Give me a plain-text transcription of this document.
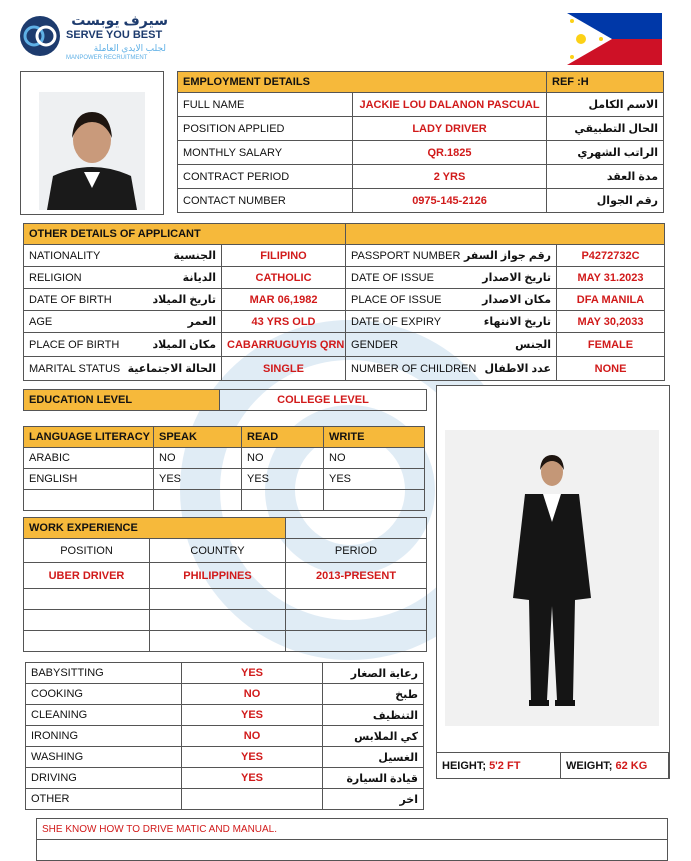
سيرف يوبست
SERVE YOU BEST
لجلب الايدي العاملة
MANPOWER RECRUITMENT
EMPLOYMENT DETAILS		REF :H
FULL NAME	JACKIE LOU DALANON PASCUAL	الاسم الكامل
POSITION APPLIED	LADY DRIVER	الحال التطبيقي
MONTHLY SALARY	QR.1825	الراتب الشهري
CONTRACT PERIOD	2 YRS	مدة العقد
CONTACT NUMBER	0975-145-2126	رقم الجوال
OTHER DETAILS OF APPLICANT			

NATIONALITY الجنسية	FILIPINO	PASSPORT NUMBER رقم جواز السفر	P4272732C

RELIGION الديانة	CATHOLIC	DATE OF ISSUE تاريخ الاصدار	MAY 31.2023

DATE OF BIRTH تاريخ الميلاد	MAR 06,1982	PLACE OF ISSUE مكان الاصدار	DFA MANILA

AGE العمر	43 YRS OLD	DATE OF EXPIRY تاريخ الانتهاء	MAY 30,2033

PLACE OF BIRTH مكان الميلاد	CABARRUGUYIS QRN	GENDER الجنس	FEMALE

MARITAL STATUS الحالة الاجتماعية	SINGLE	NUMBER OF CHILDREN عدد الاطفال	NONE
EDUCATION LEVEL	COLLEGE LEVEL
LANGUAGE LITERACY	SPEAK	READ	WRITE
ARABIC	NO	NO	NO
ENGLISH	YES	YES	YES

WORK EXPERIENCE		
POSITION	COUNTRY	PERIOD
UBER DRIVER	PHILIPPINES	2013-PRESENT

BABYSITTING	YES	رعاية الصغار
COOKING	NO	طبخ
CLEANING	YES	التنظيف
IRONING	NO	كي الملابس
WASHING	YES	الغسيل
DRIVING	YES	قيادة السيارة
OTHER		اخر
HEIGHT; 5'2 FT	WEIGHT; 62 KG
SHE KNOW HOW TO DRIVE MATIC AND MANUAL.
